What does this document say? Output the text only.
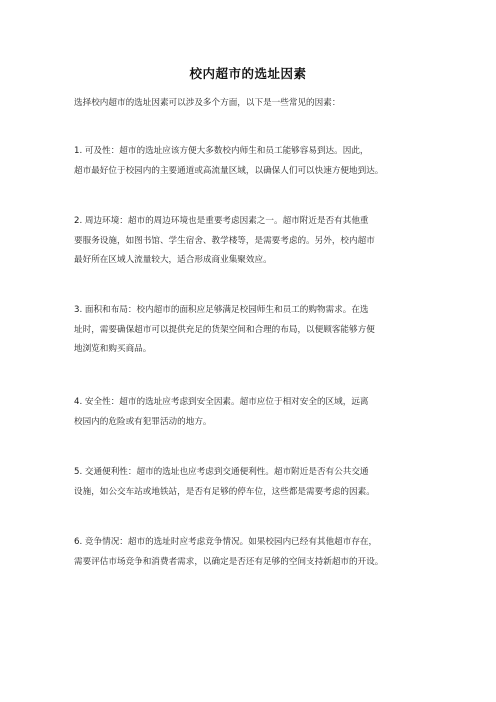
校内超市的选址因素
选择校内超市的选址因素可以涉及多个方面，以下是一些常见的因素：
1. 可及性：超市的选址应该方便大多数校内师生和员工能够容易到达。因此，
超市最好位于校园内的主要通道或高流量区域，以确保人们可以快速方便地到达。
2. 周边环境：超市的周边环境也是重要考虑因素之一。超市附近是否有其他重
要服务设施，如图书馆、学生宿舍、教学楼等，是需要考虑的。另外，校内超市
最好所在区域人流量较大，适合形成商业集聚效应。
3. 面积和布局：校内超市的面积应足够满足校园师生和员工的购物需求。在选
址时，需要确保超市可以提供充足的货架空间和合理的布局，以便顾客能够方便
地浏览和购买商品。
4. 安全性：超市的选址应考虑到安全因素。超市应位于相对安全的区域，远离
校园内的危险或有犯罪活动的地方。
5. 交通便利性：超市的选址也应考虑到交通便利性。超市附近是否有公共交通
设施，如公交车站或地铁站，是否有足够的停车位，这些都是需要考虑的因素。
6. 竞争情况：超市的选址时应考虑竞争情况。如果校园内已经有其他超市存在，
需要评估市场竞争和消费者需求，以确定是否还有足够的空间支持新超市的开设。
